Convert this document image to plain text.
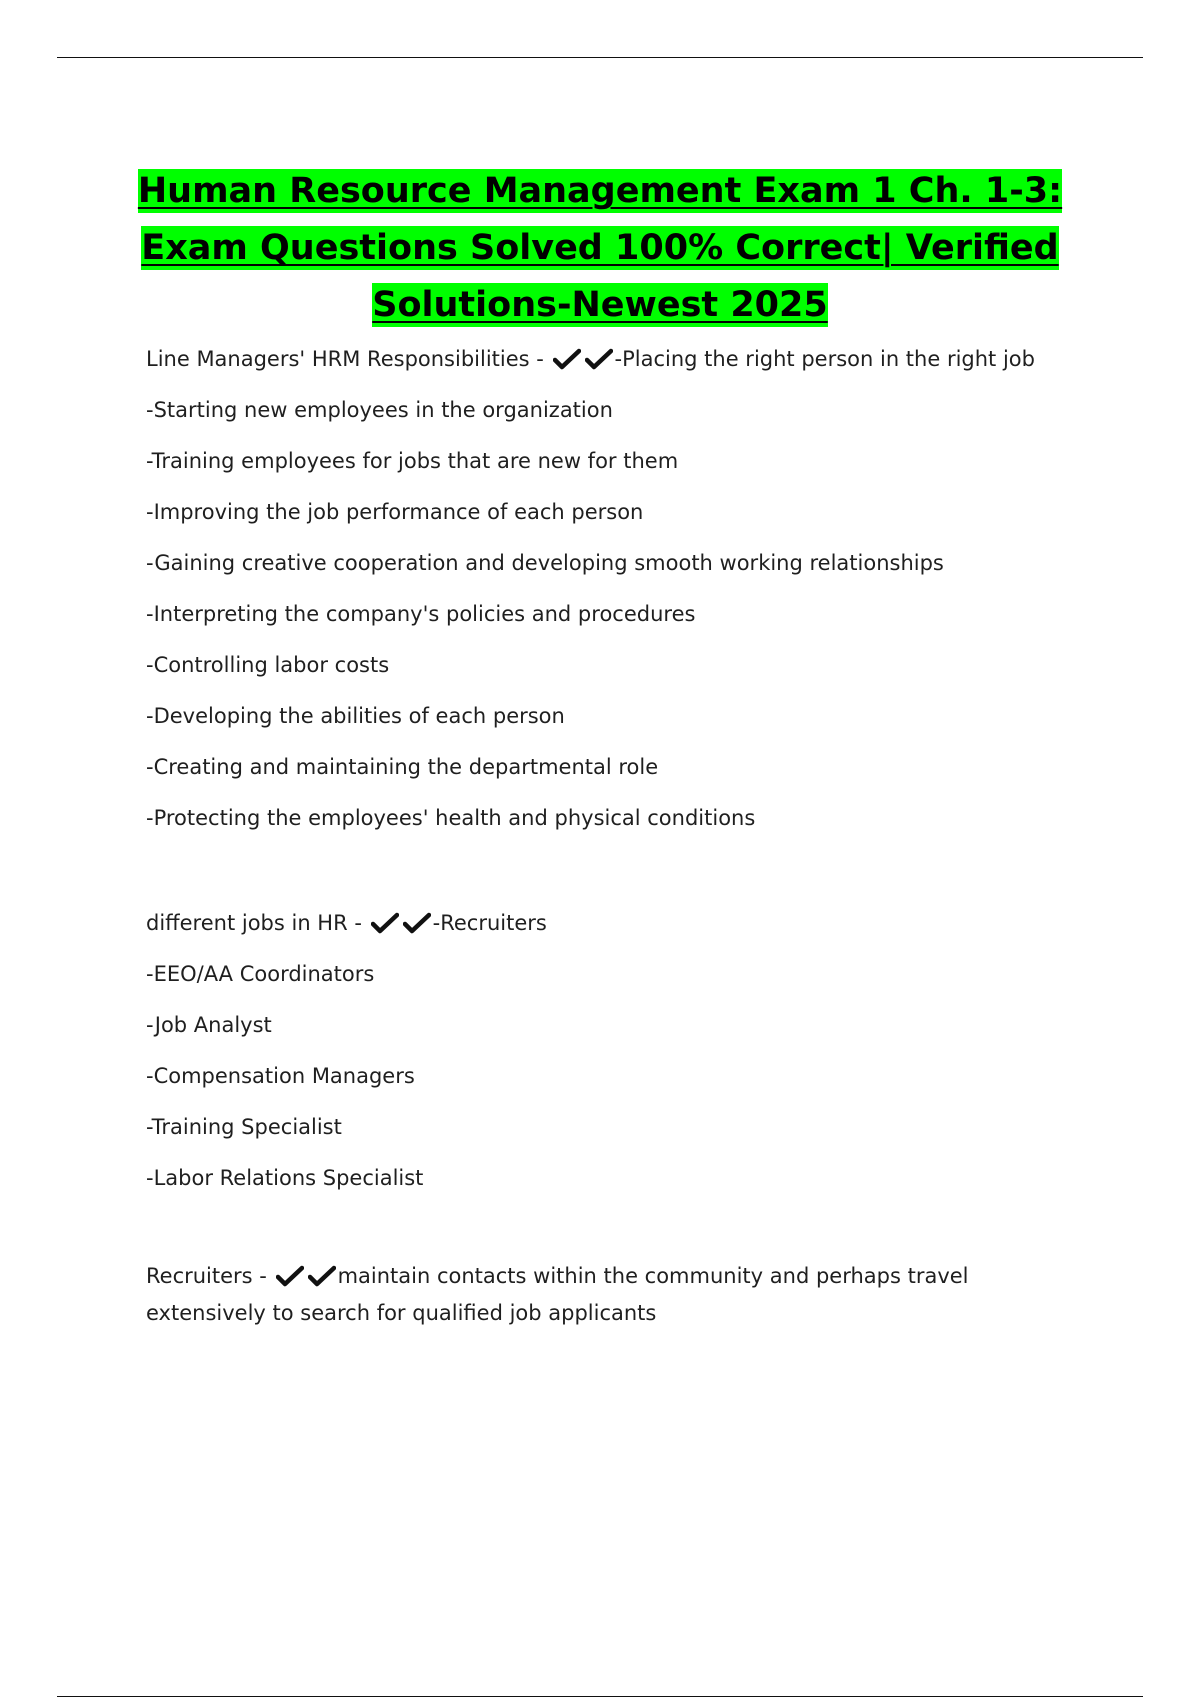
Human Resource Management Exam 1 Ch. 1-3:
Exam Questions Solved 100% Correct| Verified
Solutions-Newest 2025
Line Managers' HRM Responsibilities -	-Placing the right person in the right job
-Starting new employees in the organization
-Training employees for jobs that are new for them
-Improving the job performance of each person
-Gaining creative cooperation and developing smooth working relationships
-Interpreting the company's policies and procedures
-Controlling labor costs
-Developing the abilities of each person
-Creating and maintaining the departmental role
-Protecting the employees' health and physical conditions
different jobs in HR -	-Recruiters
-EEO/AA Coordinators
-Job Analyst
-Compensation Managers
-Training Specialist
-Labor Relations Specialist
Recruiters -	maintain contacts within the community and perhaps travel extensively to search for qualified job applicants
